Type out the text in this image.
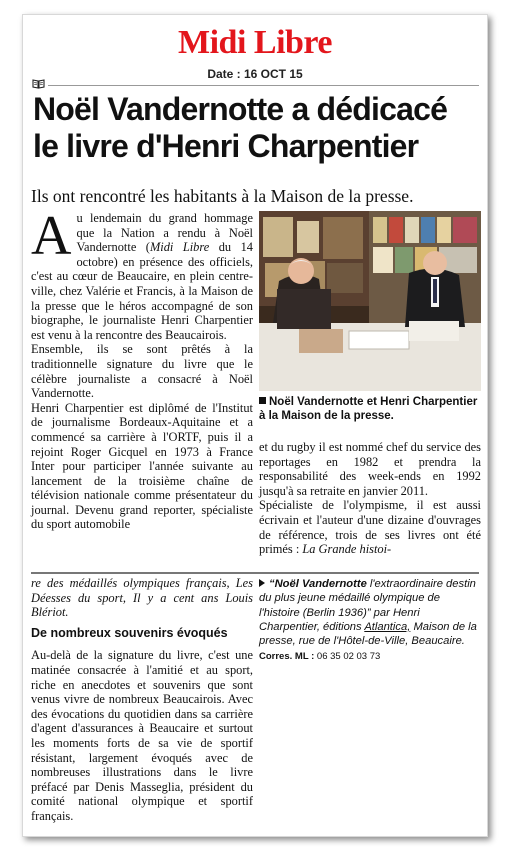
Midi Libre
Date : 16 OCT 15
Noël Vandernotte a dédicacé
le livre d'Henri Charpentier

Ils ont rencontré les habitants à la Maison de la presse.

Au lendemain du grand hommage que la Nation a rendu à Noël Vandernotte (Midi Libre du 14 octobre) en présence des officiels, c'est au cœur de Beaucaire, en plein centre-ville, chez Valérie et Francis, à la Maison de la presse que le héros accompagné de son biographe, le journaliste Henri Charpentier est venu à la rencontre des Beaucairois.

Ensemble, ils se sont prêtés à la traditionnelle signature du livre que le célèbre journaliste a consacré à Noël Vandernotte.

Henri Charpentier est diplômé de l'Institut de journalisme Bordeaux-Aquitaine et a commencé sa carrière à l'ORTF, puis il a rejoint Roger Gicquel en 1973 à France Inter pour participer l'année suivante au lancement de la troisième chaîne de télévision nationale comme présentateur du journal. Devenu grand reporter, spécialiste du sport automobile

Noël Vandernotte et Henri Charpentier à la Maison de la presse.

et du rugby il est nommé chef du service des reportages en 1982 et prendra la responsabilité des week-ends en 1992 jusqu'à sa retraite en janvier 2011.

Spécialiste de l'olympisme, il est aussi écrivain et l'auteur d'une dizaine d'ouvrages de référence, trois de ses livres ont été primés : La Grande histoi-

re des médaillés olympiques français, Les Déesses du sport, Il y a cent ans Louis Blériot.

De nombreux souvenirs évoqués

Au-delà de la signature du livre, c'est une matinée consacrée à l'amitié et au sport, riche en anecdotes et souvenirs que sont venus vivre de nombreux Beaucairois. Avec des évocations du quotidien dans sa carrière d'agent d'assurances à Beaucaire et surtout les moments forts de sa vie de sportif résistant, largement évoqués avec de nombreuses illustrations dans le livre préfacé par Denis Masseglia, président du comité national olympique et sportif français.

“Noël Vandernotte l'extraordinaire destin du plus jeune médaillé olympique de l'histoire (Berlin 1936)” par Henri Charpentier, éditions Atlantica, Maison de la presse, rue de l'Hôtel-de-Ville, Beaucaire.
Corres. ML : 06 35 02 03 73
